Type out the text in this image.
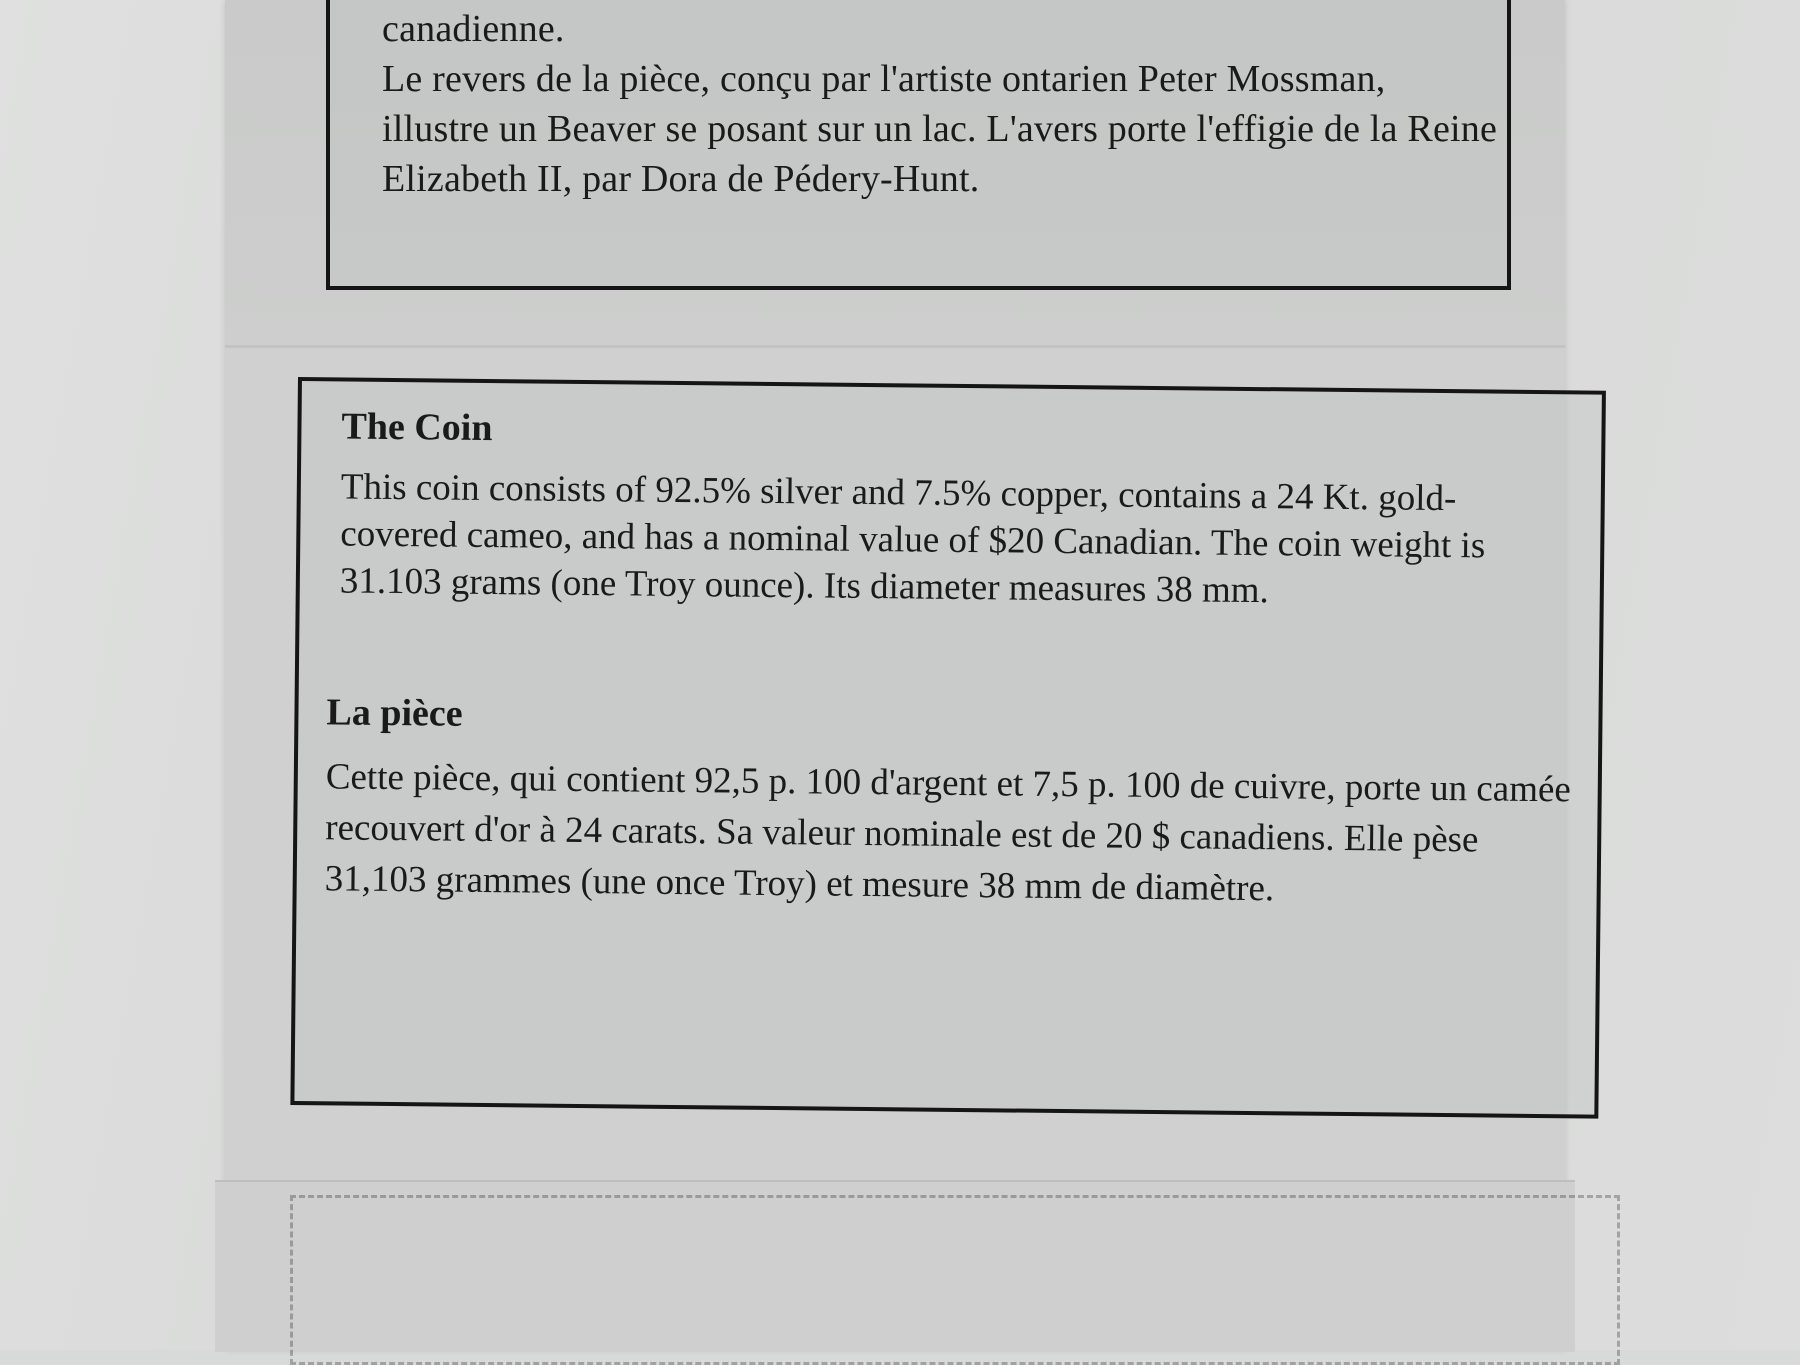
canadienne.

Le revers de la pièce, conçu par l'artiste ontarien Peter Mossman, illustre un Beaver se posant sur un lac. L'avers porte l'effigie de la Reine Elizabeth II, par Dora de Pédery-Hunt.

The Coin

This coin consists of 92.5% silver and 7.5% copper, contains a 24 Kt. gold-covered cameo, and has a nominal value of $20 Canadian. The coin weight is 31.103 grams (one Troy ounce). Its diameter measures 38 mm.

La pièce

Cette pièce, qui contient 92,5 p. 100 d'argent et 7,5 p. 100 de cuivre, porte un camée recouvert d'or à 24 carats. Sa valeur nominale est de 20 $ canadiens. Elle pèse 31,103 grammes (une once Troy) et mesure 38 mm de diamètre.
